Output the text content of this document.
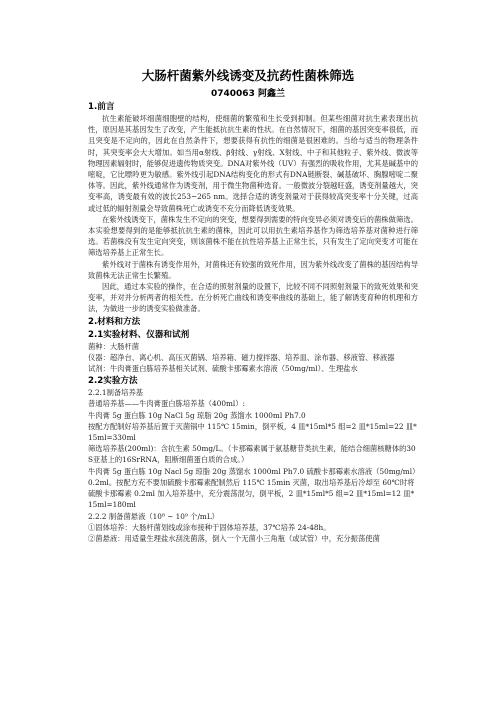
大肠杆菌紫外线诱变及抗药性菌株筛选
0740063 阿鑫兰
1.前言

抗生素能破坏细菌细胞壁的结构，使细菌的繁殖和生长受到抑制。但某些细菌对抗生素表现出抗性，原因是其基因发生了改变，产生能抵抗抗生素的性状。在自然情况下，细菌的基因突变率很低，而且突变是不定向的，因此在自然条件下，想要获得有抗性的细菌是很困难的。当给与适当的物理条件时，其突变率会大大增加。如当用α射线、β射线、γ射线、X射线、中子和其他粒子、紫外线、微波等物理因素辐射时，能够促进遗传物质突变。DNA对紫外线（UV）有强烈的吸收作用，尤其是碱基中的嘧啶，它比嘌呤更为敏感。紫外线引起DNA结构变化的形式有DNA链断裂、碱基破坏、胸腺嘧啶二聚体等。因此，紫外线通常作为诱变剂，用于微生物菌种选育。一般微波分裂越旺盛，诱变剂量越大，突变率高，诱变最有效的波长253~265 nm。选择合适的诱变剂量对于获得较高突变率十分关键，过高或过低的辐射剂量会导致菌株死亡或诱变不充分而降低诱变效果。

在紫外线诱变下，菌株发生不定向的突变，想要得到需要的特向变异必须对诱变后的菌株做筛选。本实验想要得到的是能够抵抗抗生素的菌株，因此可以用抗生素培养基作为筛选培养基对菌种进行筛选。若菌株没有发生定向突变，则该菌株不能在抗性培养基上正常生长，只有发生了定向突变才可能在筛选培养基上正常生长。

紫外线对于菌株有诱变作用外，对菌株还有较强的致死作用，因为紫外线改变了菌株的基因结构导致菌株无法正常生长繁殖。

因此，通过本实验的操作，在合适的照射剂量的设置下，比较不同不同照射剂量下的致死效果和突变率，并对并分析两者的相关性。在分析死亡曲线和诱变率曲线的基础上，能了解诱变育种的机理和方法，为做进一步的诱变实验做准备。

2.材料和方法
2.1实验材料、仪器和试剂

菌种：大肠杆菌

仪器：超净台、离心机、高压灭菌锅、培养箱、磁力搅拌器、培养皿、涂布器、移液管、移液器

试剂：牛肉膏蛋白胨培养基相关试剂、硫酸卡那霉素水溶液（50mg/ml）、生理盐水

2.2实验方法

2.2.1制备培养基

普通培养基——牛肉膏蛋白胨培养基（400ml）:

牛肉膏 5g 蛋白胨 10g NaCl 5g 琼脂 20g 蒸馏水 1000ml Ph7.0

按配方配制好培养基后置于灭菌锅中 115℃ 15min，倒平板，4 皿*15ml*5 组=2 皿*15ml=22 皿*15ml=330ml

筛选培养基(200ml)：含抗生素 50mg/L。（卡那霉素属于氨基糖苷类抗生素，能结合细菌核糖体的30S亚基上的16SrRNA，阻断细菌蛋白质的合成。）

牛肉膏 5g 蛋白胨 10g Nacl 5g 琼脂 20g 蒸馏水 1000ml Ph7.0 硫酸卡那霉素水溶液（50mg/ml）0.2ml。按配方充不要加硫酸卡那霉素配制然后 115℃ 15min 灭菌，取出培养基后冷却至 60℃时将硫酸卡那霉素 0.2ml 加入培养基中，充分震荡混匀，倒平板，2 皿*15ml*5 组=2 皿*15ml=12 皿*15ml=180ml

2.2.2 制备菌悬液（10⁸ ~ 10⁹ 个/mL）

①固体培养：大肠杆菌划线或涂布接种于固体培养基，37℃培养 24-48h。

②菌悬液：用适量生理盐水刮洗菌落，倒入一个无菌小三角瓶（或试管）中，充分振荡使菌
